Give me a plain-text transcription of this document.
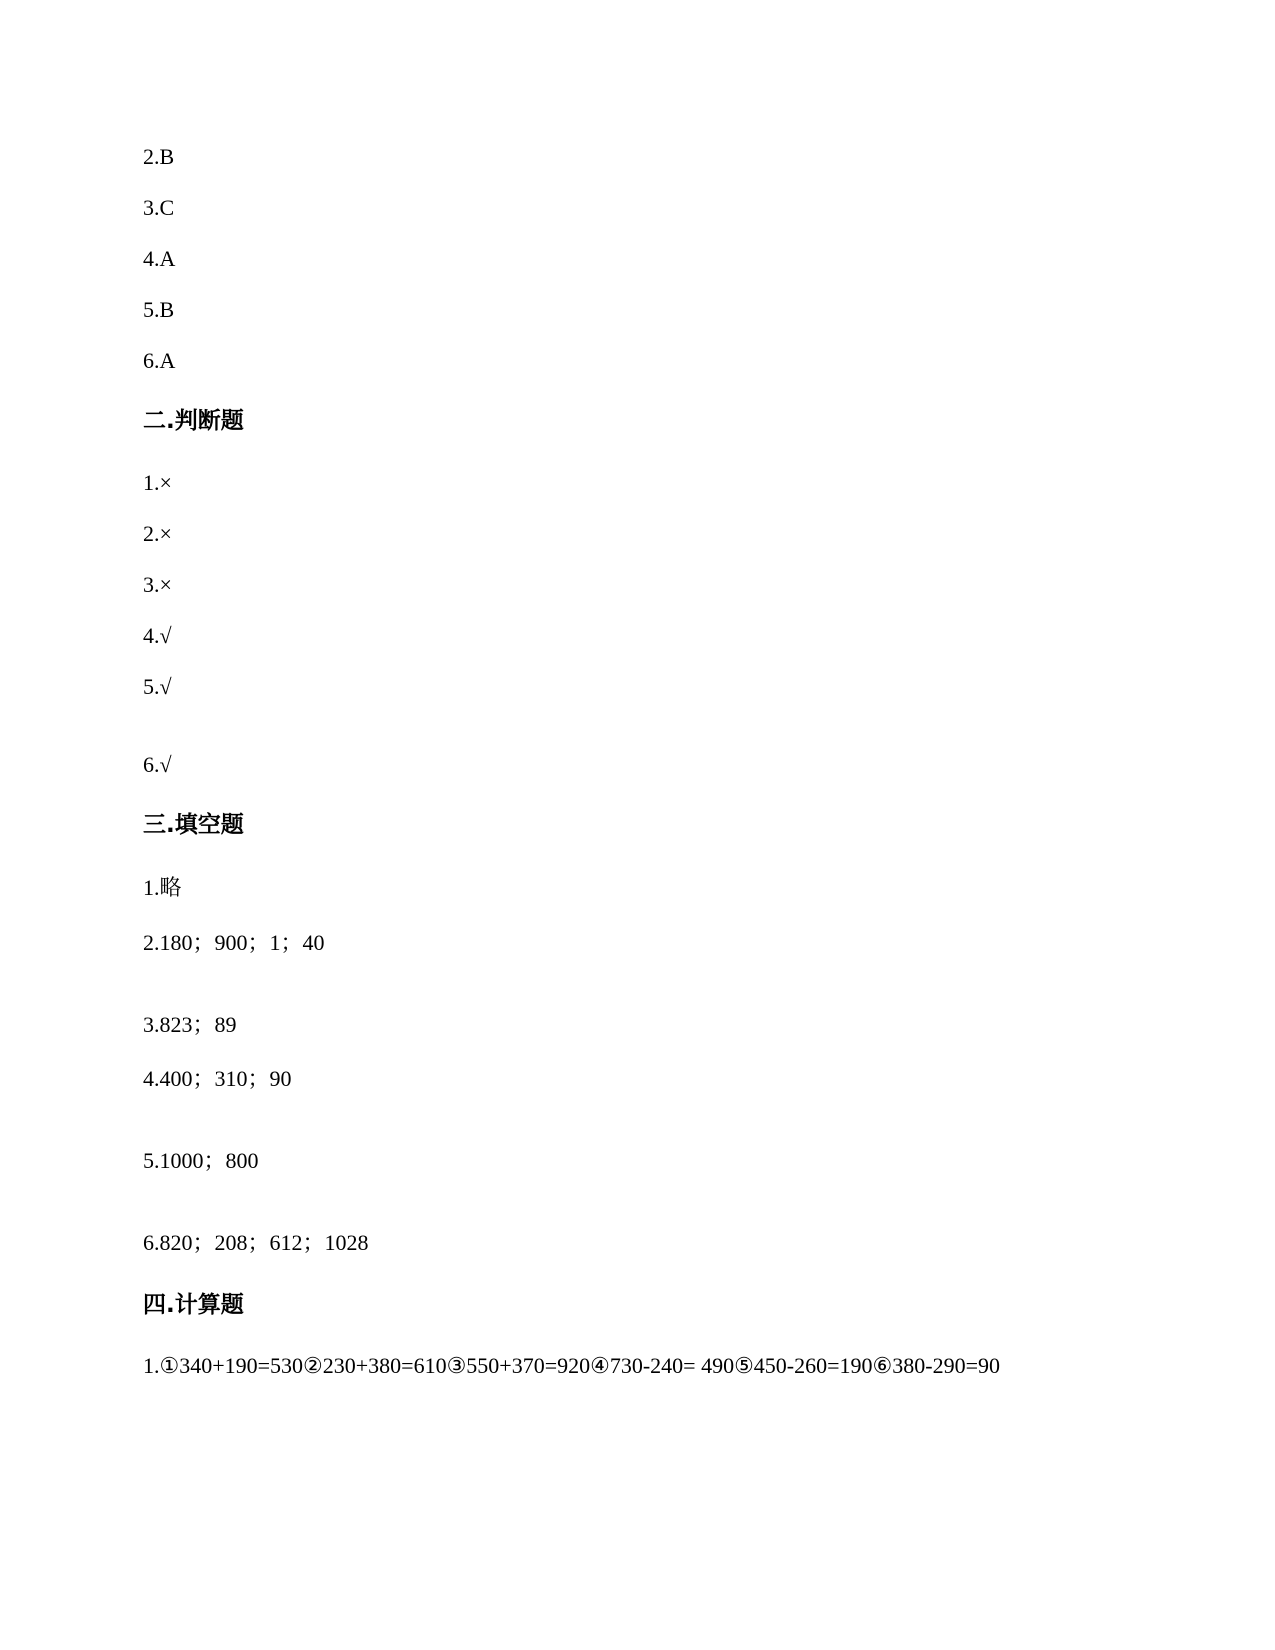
2.B
3.C
4.A
5.B
6.A
二.判断题
1.×
2.×
3.×
4.√
5.√
6.√
三.填空题
1.略
2.180；900；1；40
3.823；89
4.400；310；90
5.1000；800
6.820；208；612；1028
四.计算题
1.①340+190=530②230+380=610③550+370=920④730-240= 490⑤450-260=190⑥380-290=90
